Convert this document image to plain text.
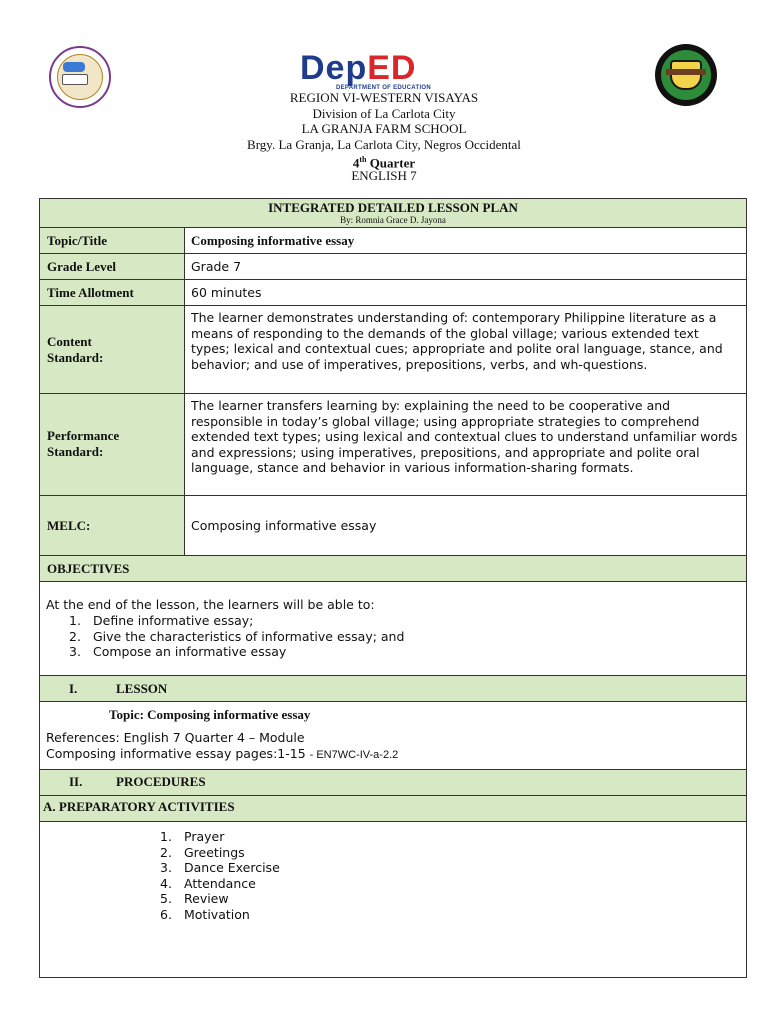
DepED
DEPARTMENT OF EDUCATION
REGION VI-WESTERN VISAYAS
Division of La Carlota City
LA GRANJA FARM SCHOOL
Brgy. La Granja, La Carlota City, Negros Occidental
4th Quarter
ENGLISH 7
INTEGRATED DETAILED LESSON PLAN
By: Romnia Grace D. Jayona
Topic/Title	Composing informative essay
Grade Level	Grade 7
Time Allotment	60 minutes
Content Standard:
The learner demonstrates understanding of: contemporary Philippine literature as a means of responding to the demands of the global village; various extended text types; lexical and contextual cues; appropriate and polite oral language, stance, and behavior; and use of imperatives, prepositions, verbs, and wh-questions.
Performance Standard:
The learner transfers learning by: explaining the need to be cooperative and responsible in today’s global village; using appropriate strategies to comprehend extended text types; using lexical and contextual clues to understand unfamiliar words and expressions; using imperatives, prepositions, and appropriate and polite oral language, stance and behavior in various information-sharing formats.
MELC:	Composing informative essay
OBJECTIVES
At the end of the lesson, the learners will be able to:
1. Define informative essay;
2. Give the characteristics of informative essay; and
3. Compose an informative essay
I.	LESSON
Topic: Composing informative essay
References: English 7 Quarter 4 – Module
Composing informative essay pages:1-15 - EN7WC-IV-a-2.2
II.	PROCEDURES
A. PREPARATORY ACTIVITIES
1. Prayer
2. Greetings
3. Dance Exercise
4. Attendance
5. Review
6. Motivation
